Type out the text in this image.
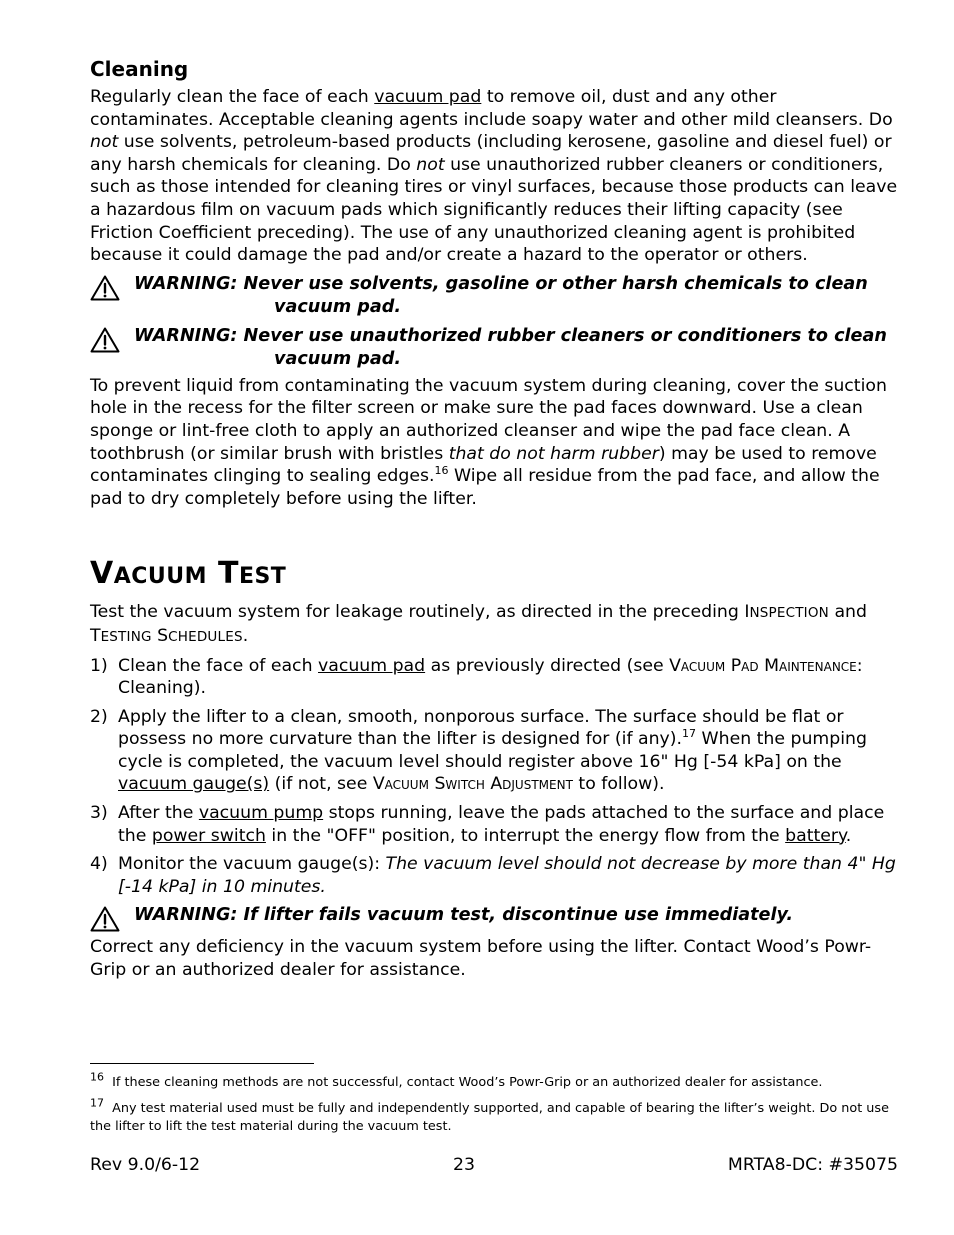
Cleaning

Regularly clean the face of each vacuum pad to remove oil, dust and any other contaminates. Acceptable cleaning agents include soapy water and other mild cleansers. Do not use solvents, petroleum-based products (including kerosene, gasoline and diesel fuel) or any harsh chemicals for cleaning. Do not use unauthorized rubber cleaners or conditioners, such as those intended for cleaning tires or vinyl surfaces, because those products can leave a hazardous film on vacuum pads which significantly reduces their lifting capacity (see Friction Coefficient preceding). The use of any unauthorized cleaning agent is prohibited because it could damage the pad and/or create a hazard to the operator or others.

WARNING: Never use solvents, gasoline or other harsh chemicals to clean
vacuum pad.
WARNING: Never use unauthorized rubber cleaners or conditioners to clean
vacuum pad.

To prevent liquid from contaminating the vacuum system during cleaning, cover the suction hole in the recess for the filter screen or make sure the pad faces downward. Use a clean sponge or lint-free cloth to apply an authorized cleanser and wipe the pad face clean. A toothbrush (or similar brush with bristles that do not harm rubber) may be used to remove contaminates clinging to sealing edges.$^{16}$ Wipe all residue from the pad face, and allow the pad to dry completely before using the lifter.

VACUUM TEST

Test the vacuum system for leakage routinely, as directed in the preceding INSPECTION and
TESTING SCHEDULES.

1) Clean the face of each vacuum pad as previously directed (see Vacuum Pad Maintenance: Cleaning).
2) Apply the lifter to a clean, smooth, nonporous surface. The surface should be flat or possess no more curvature than the lifter is designed for (if any).$^{17}$ When the pumping cycle is completed, the vacuum level should register above 16" Hg [-54 kPa] on the vacuum gauge(s) (if not, see Vacuum Switch Adjustment to follow).
3) After the vacuum pump stops running, leave the pads attached to the surface and place the power switch in the "OFF" position, to interrupt the energy flow from the battery.
4) Monitor the vacuum gauge(s): The vacuum level should not decrease by more than 4" Hg [-14 kPa] in 10 minutes.
WARNING: If lifter fails vacuum test, discontinue use immediately.

Correct any deficiency in the vacuum system before using the lifter. Contact Wood’s Powr-Grip or an authorized dealer for assistance.

$^{16}$ If these cleaning methods are not successful, contact Wood’s Powr-Grip or an authorized dealer for assistance.
$^{17}$ Any test material used must be fully and independently supported, and capable of bearing the lifter’s weight. Do not use the lifter to lift the test material during the vacuum test.
Rev 9.0/6-12	23	MRTA8-DC: #35075
